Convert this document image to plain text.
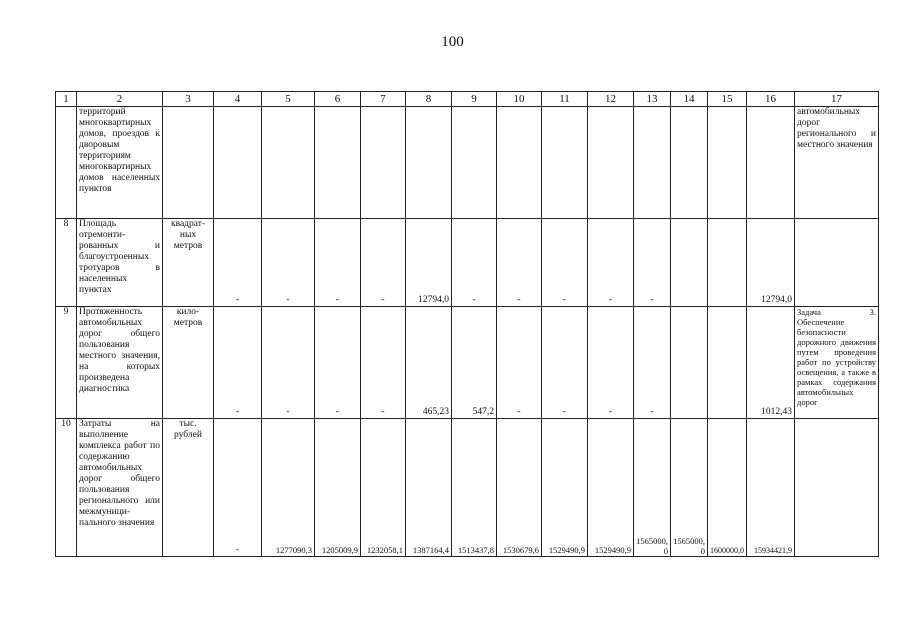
100
1	2	3	4	5	6	7	8	9	10	11	12	13	14	15	16	17
	территорий многоквартирных домов, проездов к дворовым территориям многоквартирных домов населенных пунктов															автомобильных дорог регионального и местного значения
8	Площадь отремонти-рованных и благоустроенных тротуаров в населенных пунктах	квадрат-ных метров	-	-	-	-	12794,0	-	-	-	-	-			12794,0	
9	Протяженность автомобильных дорог общего пользования местного значения, на которых произведена диагностика	кило-метров	-	-	-	-	465,23	547,2	-	-	-	-			1012,43	Задача 3. Обеспечение безопасности дорожного движения путем проведения работ по устройству освещения, а также в рамках содержания автомобильных дорог
10	Затраты на выполнение комплекса работ по содержанию автомобильных дорог общего пользования регионального или межмуници-пального значения	тыс. рублей	-	1277090,3	1205009,9	1232058,1	1387164,4	1513437,8	1530679,6	1529490,9	1529490,9	1565000,0	1565000,0	1600000,0	15934421,9	
